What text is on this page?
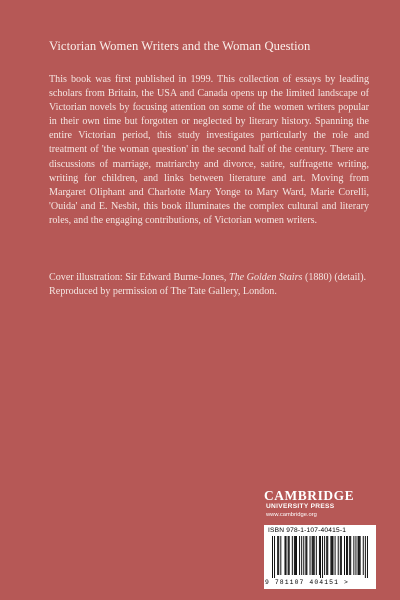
Victorian Women Writers and the Woman Question
This book was first published in 1999. This collection of essays by leading scholars from Britain, the USA and Canada opens up the limited landscape of Victorian novels by focusing attention on some of the women writers popular in their own time but forgotten or neglected by literary history. Spanning the entire Victorian period, this study investigates particularly the role and treatment of 'the woman question' in the second half of the century. There are discussions of marriage, matriarchy and divorce, satire, suffragette writing, writing for children, and links between literature and art. Moving from Margaret Oliphant and Charlotte Mary Yonge to Mary Ward, Marie Corelli, 'Ouida' and E. Nesbit, this book illuminates the complex cultural and literary roles, and the engaging contributions, of Victorian women writers.
Cover illustration: Sir Edward Burne-Jones, The Golden Stairs (1880) (detail). Reproduced by permission of The Tate Gallery, London.
CAMBRIDGE
UNIVERSITY PRESS
www.cambridge.org
ISBN 978-1-107-40415-1
9 781107 404151 >
